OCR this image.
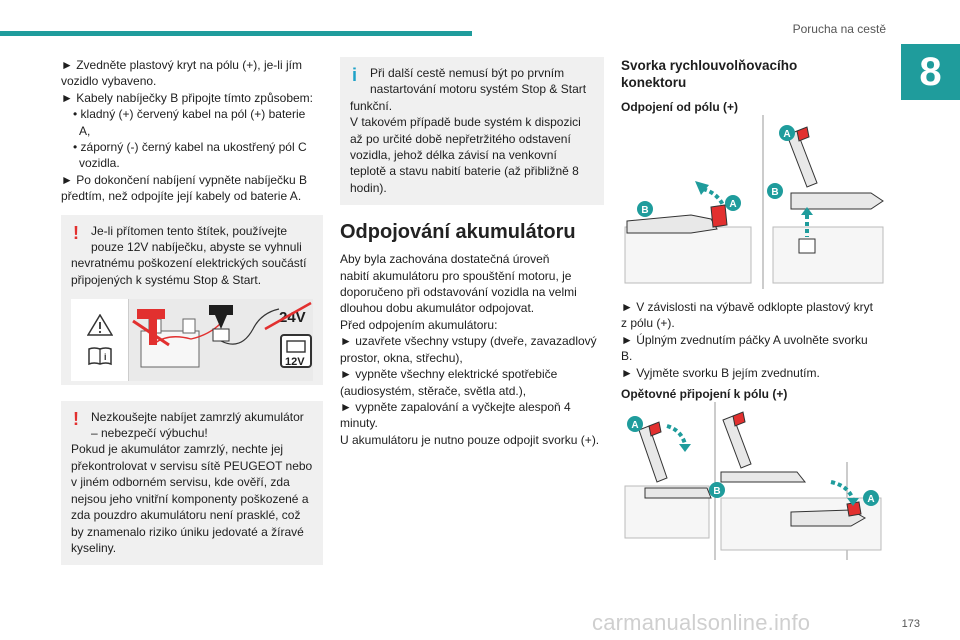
Porucha na cestě
8
► Zvedněte plastový kryt na pólu (+), je-li jím
vozidlo vybaveno.
► Kabely nabíječky B připojte tímto způsobem:
• kladný (+) červený kabel na pól (+) baterie
A,
• záporný (-) černý kabel na ukostřený pól C
vozidla.
► Po dokončení nabíjení vypněte nabíječku B
předtím, než odpojíte její kabely od baterie A.
!	Je-li přítomen tento štítek, používejte
pouze 12V nabíječku, abyste se vyhnuli
nevratnému poškození elektrických součástí
připojených k systému Stop & Start.
i
24V
12V
!	Nezkoušejte nabíjet zamrzlý akumulátor
– nebezpečí výbuchu!
Pokud je akumulátor zamrzlý, nechte jej
překontrolovat v servisu sítě PEUGEOT nebo
v jiném odborném servisu, kde ověří, zda
nejsou jeho vnitřní komponenty poškozené a
zda pouzdro akumulátoru není prasklé, což
by znamenalo riziko úniku jedovaté a žíravé
kyseliny.
i	Při další cestě nemusí být po prvním
nastartování motoru systém Stop & Start
funkční.
V takovém případě bude systém k dispozici
až po určité době nepřetržitého odstavení
vozidla, jehož délka závisí na venkovní
teplotě a stavu nabití baterie (až přibližně 8
hodin).
Odpojování akumulátoru
Aby byla zachována dostatečná úroveň
nabití akumulátoru pro spouštění motoru, je
doporučeno při odstavování vozidla na velmi
dlouhou dobu akumulátor odpojovat.
Před odpojením akumulátoru:
► uzavřete všechny vstupy (dveře, zavazadlový
prostor, okna, střechu),
► vypněte všechny elektrické spotřebiče
(audiosystém, stěrače, světla atd.),
► vypněte zapalování a vyčkejte alespoň 4
minuty.
U akumulátoru je nutno pouze odpojit svorku (+).
Svorka rychlouvolňovacího
konektoru
Odpojení od pólu (+)
B
A
A
B
► V závislosti na výbavě odklopte plastový kryt
z pólu (+).
► Úplným zvednutím páčky A uvolněte svorku
B.
► Vyjměte svorku B jejím zvednutím.
Opětovné připojení k pólu (+)
A
B
A
carmanualsonline.info	173
